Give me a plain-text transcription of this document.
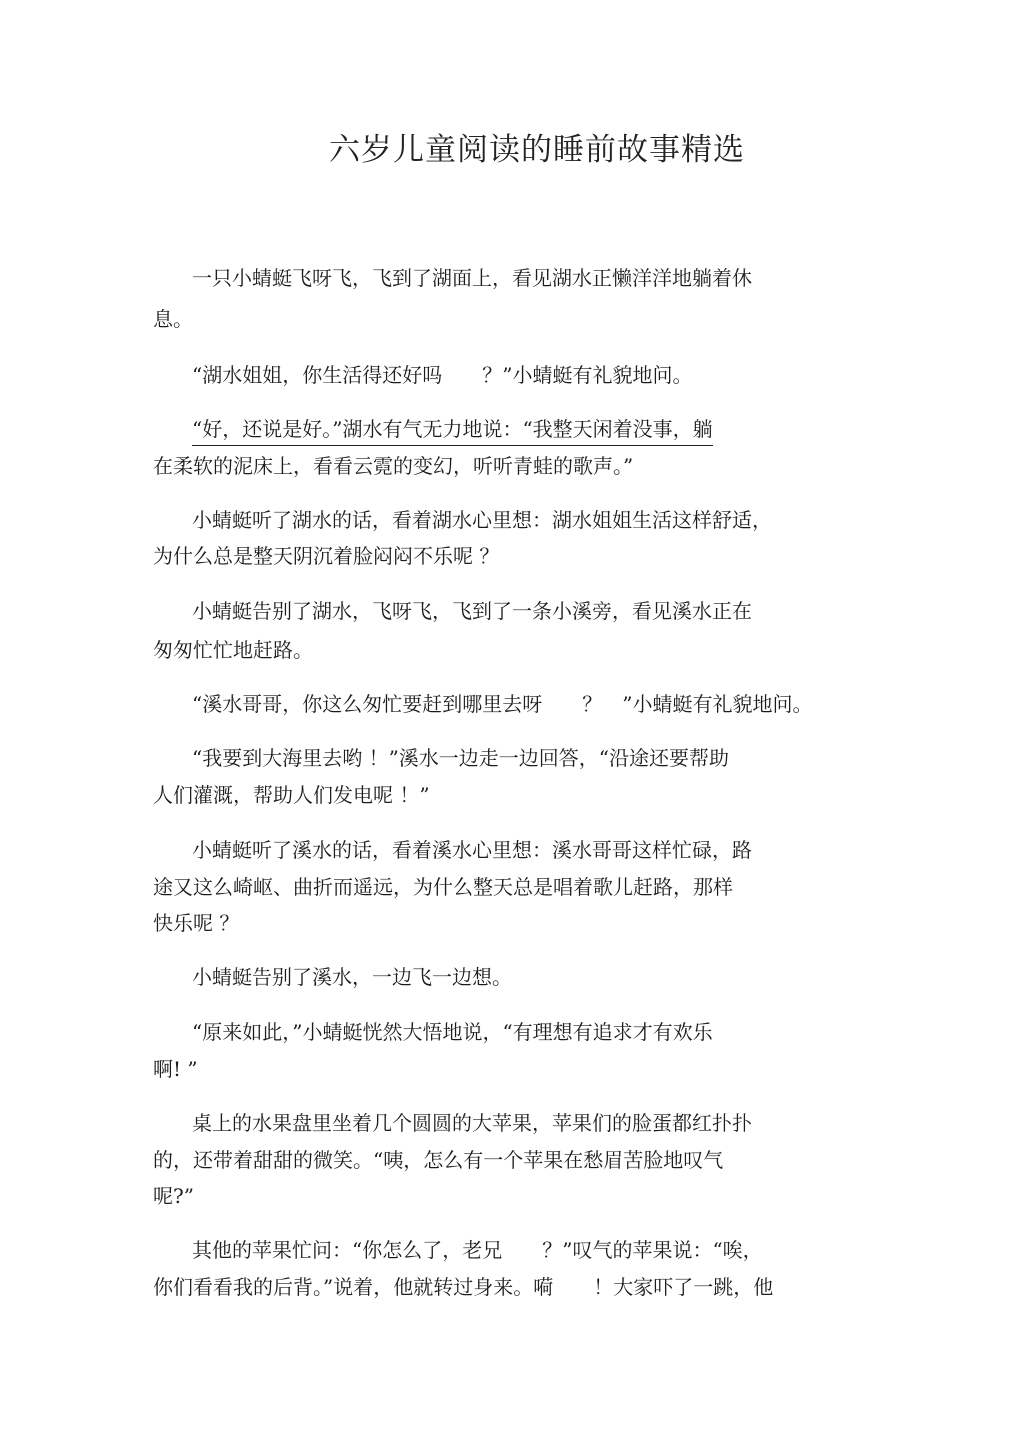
六岁儿童阅读的睡前故事精选
一只小蜻蜓飞呀飞，飞到了湖面上，看见湖水正懒洋洋地躺着休
息。
“湖水姐姐，你生活得还好吗　　？”小蜻蜓有礼貌地问。
“好，还说是好。”湖水有气无力地说：“我整天闲着没事，躺
在柔软的泥床上，看看云霓的变幻，听听青蛙的歌声。”
小蜻蜓听了湖水的话，看着湖水心里想：湖水姐姐生活这样舒适，
为什么总是整天阴沉着脸闷闷不乐呢 ？
小蜻蜓告别了湖水，飞呀飞，飞到了一条小溪旁，看见溪水正在
匆匆忙忙地赶路。
“溪水哥哥，你这么匆忙要赶到哪里去呀　　？　”小蜻蜓有礼貌地问。
“我要到大海里去哟 ！”溪水一边走一边回答，“沿途还要帮助
人们灌溉，帮助人们发电呢 ！”
小蜻蜓听了溪水的话，看着溪水心里想：溪水哥哥这样忙碌，路
途又这么崎岖、曲折而遥远，为什么整天总是唱着歌儿赶路，那样
快乐呢 ？
小蜻蜓告别了溪水，一边飞一边想。
“原来如此，”小蜻蜓恍然大悟地说，“有理想有追求才有欢乐
啊! ”
桌上的水果盘里坐着几个圆圆的大苹果，苹果们的脸蛋都红扑扑
的，还带着甜甜的微笑。“咦，怎么有一个苹果在愁眉苦脸地叹气
呢?”
其他的苹果忙问：“你怎么了，老兄　　？”叹气的苹果说：“唉，
你们看看我的后背。”说着，他就转过身来。嗬　　！大家吓了一跳，他
